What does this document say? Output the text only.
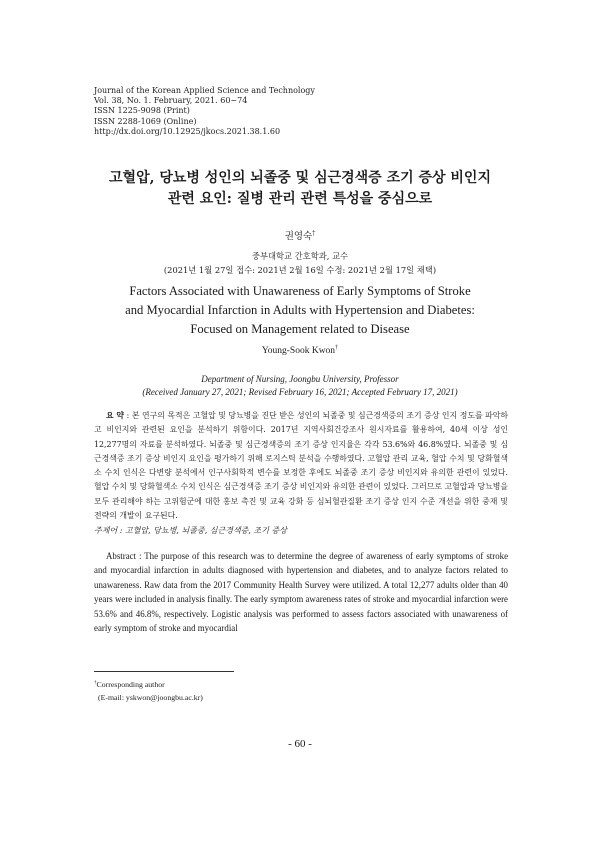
Journal of the Korean Applied Science and Technology
Vol. 38, No. 1. February, 2021. 60~74
ISSN 1225-9098 (Print)
ISSN 2288-1069 (Online)
http://dx.doi.org/10.12925/jkocs.2021.38.1.60
고혈압, 당뇨병 성인의 뇌졸중 및 심근경색증 조기 증상 비인지
관련 요인: 질병 관리 관련 특성을 중심으로
권영숙†
중부대학교 간호학과, 교수
(2021년 1월 27일 접수: 2021년 2월 16일 수정: 2021년 2월 17일 채택)
Factors Associated with Unawareness of Early Symptoms of Stroke
and Myocardial Infarction in Adults with Hypertension and Diabetes:
Focused on Management related to Disease
Young-Sook Kwon†
Department of Nursing, Joongbu University, Professor
(Received January 27, 2021; Revised February 16, 2021; Accepted February 17, 2021)
요 약 : 본 연구의 목적은 고혈압 및 당뇨병을 진단 받은 성인의 뇌졸중 및 심근경색증의 조기 증상 인지 정도를 파악하고 비인지와 관련된 요인을 분석하기 위함이다. 2017년 지역사회건강조사 원시자료를 활용하여, 40세 이상 성인 12,277명의 자료를 분석하였다. 뇌졸중 및 심근경색증의 조기 증상 인지율은 각각 53.6%와 46.8%였다. 뇌졸중 및 심근경색증 조기 증상 비인지 요인을 평가하기 위해 로지스틱 분석을 수행하였다. 고혈압 관리 교육, 혈압 수치 및 당화혈색소 수치 인식은 다변량 분석에서 인구사회학적 변수를 보정한 후에도 뇌졸중 조기 증상 비인지와 유의한 관련이 있었다. 혈압 수치 및 당화혈색소 수치 인식은 심근경색증 조기 증상 비인지와 유의한 관련이 있었다. 그러므로 고혈압과 당뇨병을 모두 관리해야 하는 고위험군에 대한 홍보 촉진 및 교육 강화 등 심뇌혈관질환 조기 증상 인지 수준 개선을 위한 중재 및 전략의 개발이 요구된다.
주제어 : 고혈압, 당뇨병, 뇌졸중, 심근경색증, 조기 증상
Abstract : The purpose of this research was to determine the degree of awareness of early symptoms of stroke and myocardial infarction in adults diagnosed with hypertension and diabetes, and to analyze factors related to unawareness. Raw data from the 2017 Community Health Survey were utilized. A total 12,277 adults older than 40 years were included in analysis finally. The early symptom awareness rates of stroke and myocardial infarction were 53.6% and 46.8%, respectively. Logistic analysis was performed to assess factors associated with unawareness of early symptom of stroke and myocardial
†Corresponding author
(E-mail: yskwon@joongbu.ac.kr)
- 60 -
